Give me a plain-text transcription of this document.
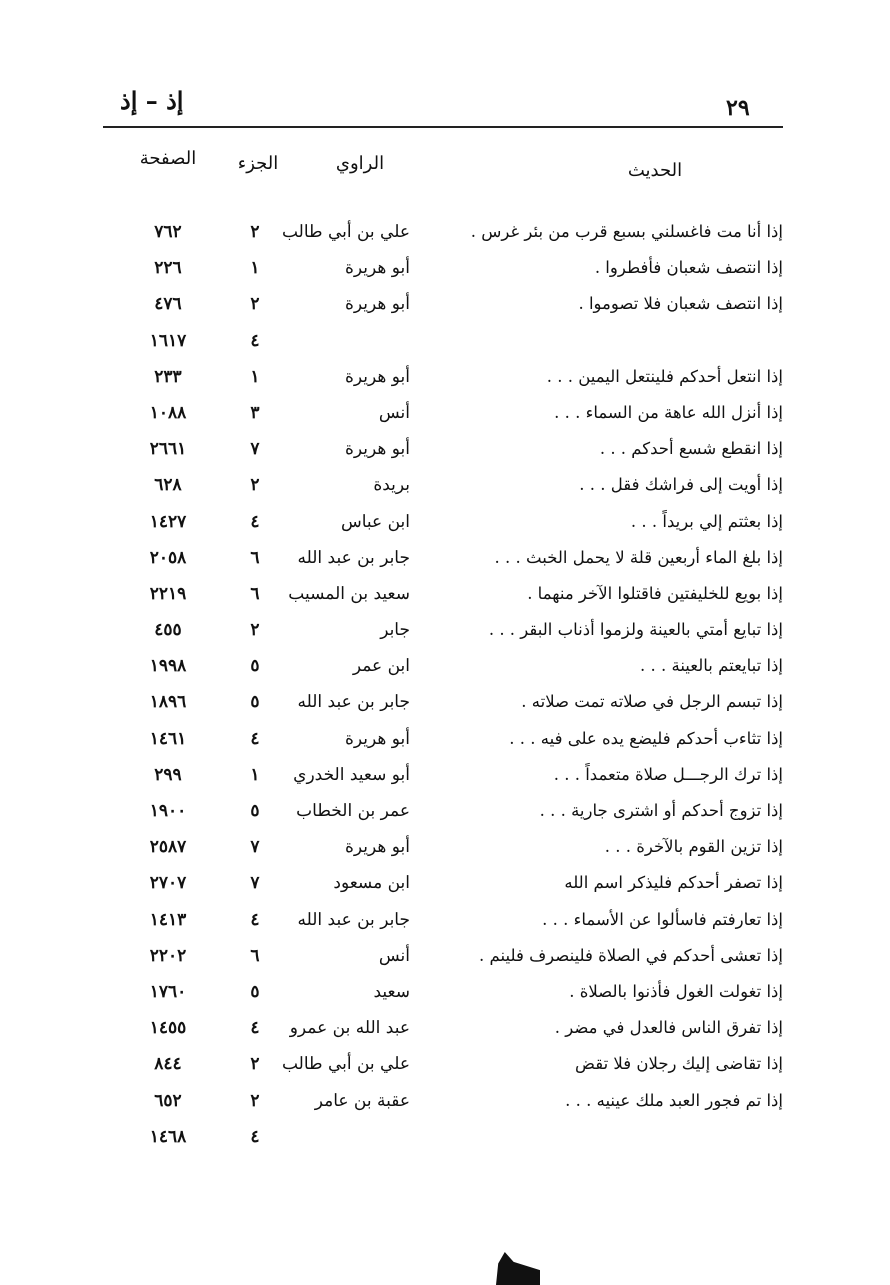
إذ – إذ	٢٩
الحديث
الراوي
الجزء
الصفحة
إذا أنا مت فاغسلني بسبع قرب من بئر غرس .
علي بن أبي طالب
٢
٧٦٢
إذا انتصف شعبان فأفطروا .
أبو هريرة
١
٢٢٦
إذا انتصف شعبان فلا تصوموا .
أبو هريرة
٢
٤٧٦
٤
١٦١٧
إذا انتعل أحدكم فلينتعل اليمين . . .
أبو هريرة
١
٢٣٣
إذا أنزل الله عاهة من السماء . . .
أنس
٣
١٠٨٨
إذا انقطع شسع أحدكم . . .
أبو هريرة
٧
٢٦٦١
إذا أويت إلى فراشك فقل . . .
بريدة
٢
٦٢٨
إذا بعثتم إلي بريداً . . .
ابن عباس
٤
١٤٢٧
إذا بلغ الماء أربعين قلة لا يحمل الخبث . . .
جابر بن عبد الله
٦
٢٠٥٨
إذا بويع للخليفتين فاقتلوا الآخر منهما .
سعيد بن المسيب
٦
٢٢١٩
إذا تبايع أمتي بالعينة ولزموا أذناب البقر . . .
جابر
٢
٤٥٥
إذا تبايعتم بالعينة . . .
ابن عمر
٥
١٩٩٨
إذا تبسم الرجل في صلاته تمت صلاته .
جابر بن عبد الله
٥
١٨٩٦
إذا تثاءب أحدكم فليضع يده على فيه . . .
أبو هريرة
٤
١٤٦١
إذا ترك الرجـــل صلاة متعمداً . . .
أبو سعيد الخدري
١
٢٩٩
إذا تزوج أحدكم أو اشترى جارية . . .
عمر بن الخطاب
٥
١٩٠٠
إذا تزين القوم بالآخرة . . .
أبو هريرة
٧
٢٥٨٧
إذا تصفر أحدكم فليذكر اسم الله
ابن مسعود
٧
٢٧٠٧
إذا تعارفتم فاسألوا عن الأسماء . . .
جابر بن عبد الله
٤
١٤١٣
إذا تعشى أحدكم في الصلاة فلينصرف فلينم .
أنس
٦
٢٢٠٢
إذا تغولت الغول فأذنوا بالصلاة .
سعيد
٥
١٧٦٠
إذا تفرق الناس فالعدل في مضر .
عبد الله بن عمرو
٤
١٤٥٥
إذا تقاضى إليك رجلان فلا تقض
علي بن أبي طالب
٢
٨٤٤
إذا تم فجور العبد ملك عينيه . . .
عقبة بن عامر
٢
٦٥٢
٤
١٤٦٨
